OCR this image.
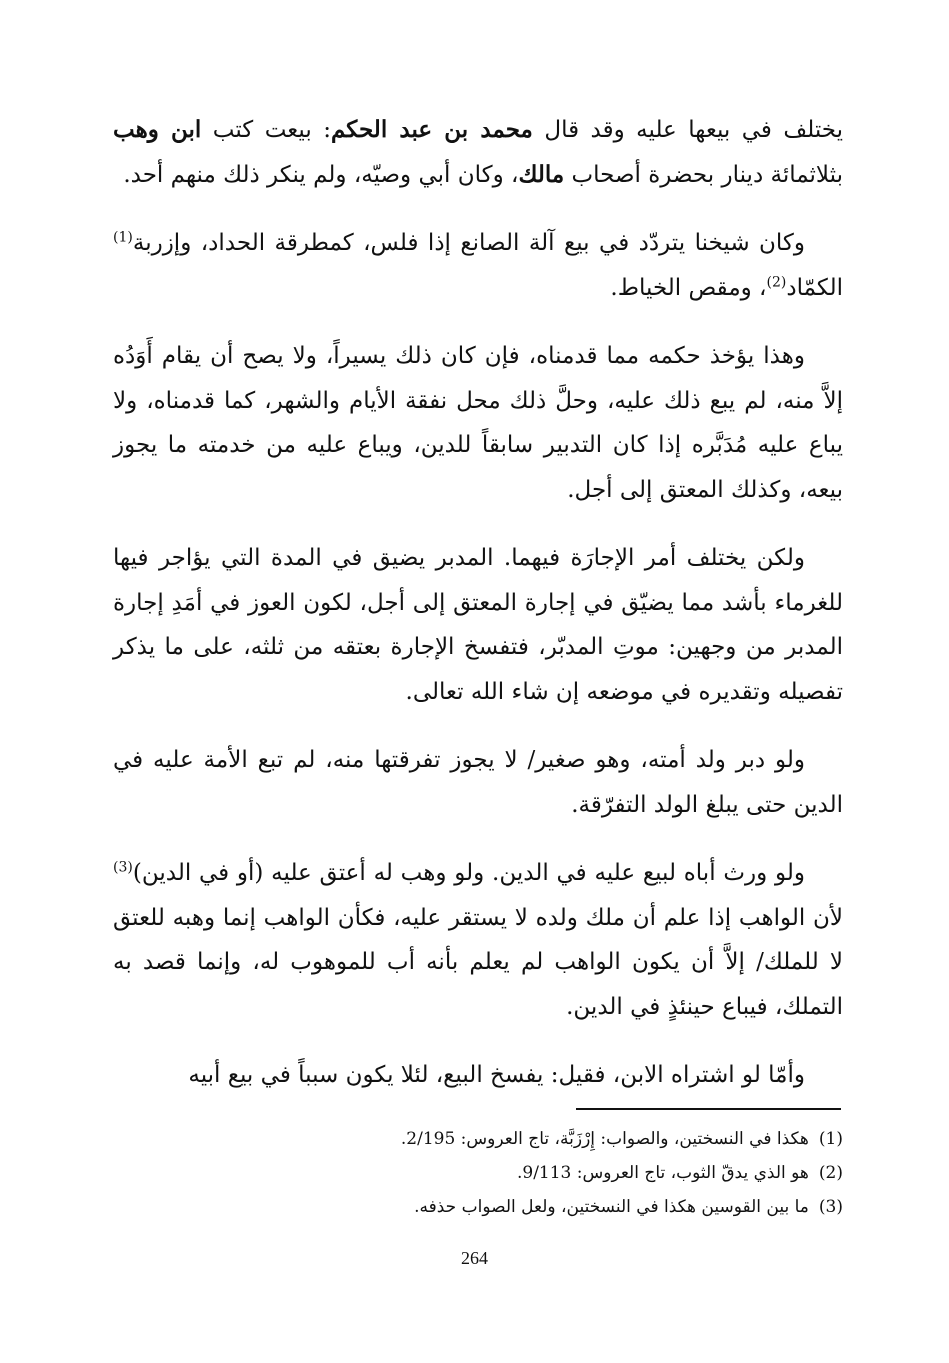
يختلف في بيعها عليه وقد قال محمد بن عبد الحكم: بيعت كتب ابن وهب بثلاثمائة دينار بحضرة أصحاب مالك، وكان أبي وصيّه، ولم ينكر ذلك منهم أحد.

وكان شيخنا يتردّد في بيع آلة الصانع إذا فلس، كمطرقة الحداد، وإزربة$^{(1)}$ الكمّاد$^{(2)}$، ومقص الخياط.

وهذا يؤخذ حكمه مما قدمناه، فإن كان ذلك يسيراً، ولا يصح أن يقام أَوَدُه إلاَّ منه، لم يبع ذلك عليه، وحلَّ ذلك محل نفقة الأيام والشهر، كما قدمناه، ولا يباع عليه مُدَبَّره إذا كان التدبير سابقاً للدين، ويباع عليه من خدمته ما يجوز بيعه، وكذلك المعتق إلى أجل.

ولكن يختلف أمر الإجارَة فيهما. المدبر يضيق في المدة التي يؤاجر فيها للغرماء بأشد مما يضيّق في إجارة المعتق إلى أجل، لكون العوز في أمَدِ إجارة المدبر من وجهين: موتِ المدبّر، فتفسخ الإجارة بعتقه من ثلثه، على ما يذكر تفصيله وتقديره في موضعه إن شاء الله تعالى.

ولو دبر ولد أمته، وهو صغير/ لا يجوز تفرقتها منه، لم تبع الأمة عليه في الدين حتى يبلغ الولد التفرّقة.

ولو ورث أباه لبيع عليه في الدين. ولو وهب له أعتق عليه (أو في الدين)$^{(3)}$ لأن الواهب إذا علم أن ملك ولده لا يستقر عليه، فكأن الواهب إنما وهبه للعتق لا للملك/ إلاَّ أن يكون الواهب لم يعلم بأنه أب للموهوب له، وإنما قصد به التملك، فيباع حينئذٍ في الدين.

وأمّا لو اشتراه الابن، فقيل: يفسخ البيع، لئلا يكون سبباً في بيع أبيه

(1)هكذا في النسختين، والصواب: إِرْزَبَّة، تاج العروس: 2/195.

(2)هو الذي يدقّ الثوب، تاج العروس: 9/113.

(3)ما بين القوسين هكذا في النسختين، ولعل الصواب حذفه.

264
